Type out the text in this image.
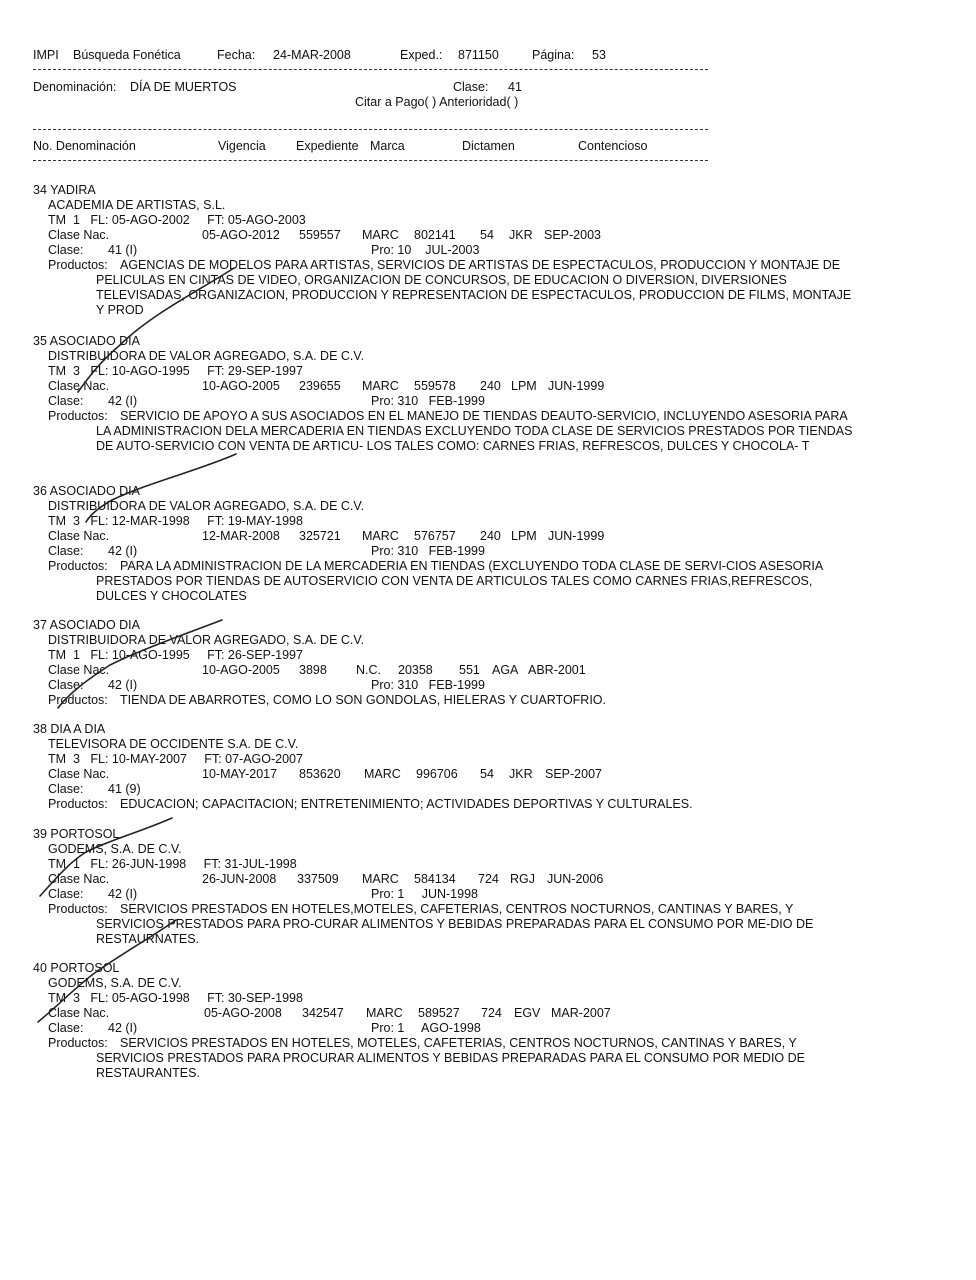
IMPI Búsqueda Fonética	Fecha: 24-MAR-2008	Exped.: 871150	Página: 53
Denominación: DÍA DE MUERTOS	Clase: 41
Citar a Pago( ) Anterioridad( )
No. Denominación	Vigencia Expediente Marca	Dictamen	Contencioso
34 YADIRA
ACADEMIA DE ARTISTAS, S.L.
TM  1   FL: 05-AGO-2002     FT: 05-AGO-2003
Clase Nac.	05-AGO-2012 559557 MARC 802141 54 JKR SEP-2003
Clase: 41 (I)	Pro: 10    JUL-2003
Productos: AGENCIAS DE MODELOS PARA ARTISTAS, SERVICIOS DE ARTISTAS DE ESPECTACULOS, PRODUCCION Y MONTAJE DE PELICULAS EN CINTAS DE VIDEO, ORGANIZACION DE CONCURSOS, DE EDUCACION O DIVERSION, DIVERSIONES TELEVISADAS, ORGANIZACION, PRODUCCION Y REPRESENTACION DE ESPECTACULOS, PRODUCCION DE FILMS, MONTAJE Y PROD
35 ASOCIADO DIA
DISTRIBUIDORA DE VALOR AGREGADO, S.A. DE C.V.
TM  3   FL: 10-AGO-1995     FT: 29-SEP-1997
Clase Nac.	10-AGO-2005 239655 MARC 559578 240 LPM JUN-1999
Clase: 42 (I)	Pro: 310   FEB-1999
Productos: SERVICIO DE APOYO A SUS ASOCIADOS EN EL MANEJO DE TIENDAS DEAUTO-SERVICIO, INCLUYENDO ASESORIA PARA LA ADMINISTRACION DELA MERCADERIA EN TIENDAS EXCLUYENDO TODA CLASE DE SERVICIOS PRESTADOS POR TIENDAS DE AUTO-SERVICIO CON VENTA DE ARTICU- LOS TALES COMO: CARNES FRIAS, REFRESCOS, DULCES Y CHOCOLA- T
36 ASOCIADO DIA
DISTRIBUIDORA DE VALOR AGREGADO, S.A. DE C.V.
TM  3   FL: 12-MAR-1998     FT: 19-MAY-1998
Clase Nac.	12-MAR-2008 325721 MARC 576757 240 LPM JUN-1999
Clase: 42 (I)	Pro: 310   FEB-1999
Productos: PARA LA ADMINISTRACION DE LA MERCADERIA EN TIENDAS (EXCLUYENDO TODA CLASE DE SERVI-CIOS ASESORIA PRESTADOS POR TIENDAS DE AUTOSERVICIO CON VENTA DE ARTICULOS TALES COMO CARNES FRIAS,REFRESCOS, DULCES Y CHOCOLATES
37 ASOCIADO DIA
DISTRIBUIDORA DE VALOR AGREGADO, S.A. DE C.V.
TM  1   FL: 10-AGO-1995     FT: 26-SEP-1997
Clase Nac.	10-AGO-2005 3898 N.C. 20358 551 AGA ABR-2001
Clase: 42 (I)	Pro: 310   FEB-1999
Productos: TIENDA DE ABARROTES, COMO LO SON GONDOLAS, HIELERAS Y CUARTOFRIO.
38 DIA A DIA
TELEVISORA DE OCCIDENTE S.A. DE C.V.
TM  3   FL: 10-MAY-2007     FT: 07-AGO-2007
Clase Nac.	10-MAY-2017 853620 MARC 996706 54 JKR SEP-2007
Clase: 41 (9)
Productos: EDUCACION; CAPACITACION; ENTRETENIMIENTO; ACTIVIDADES DEPORTIVAS Y CULTURALES.
39 PORTOSOL
GODEMS, S.A. DE C.V.
TM  1   FL: 26-JUN-1998     FT: 31-JUL-1998
Clase Nac.	26-JUN-2008 337509 MARC 584134 724 RGJ JUN-2006
Clase: 42 (I)	Pro: 1     JUN-1998
Productos: SERVICIOS PRESTADOS EN HOTELES,MOTELES, CAFETERIAS, CENTROS NOCTURNOS, CANTINAS Y BARES, Y SERVICIOS PRESTADOS PARA PRO-CURAR ALIMENTOS Y BEBIDAS PREPARADAS PARA EL CONSUMO POR ME-DIO DE RESTAURNATES.
40 PORTOSOL
GODEMS, S.A. DE C.V.
TM  3   FL: 05-AGO-1998     FT: 30-SEP-1998
Clase Nac.	05-AGO-2008 342547 MARC 589527 724 EGV MAR-2007
Clase: 42 (I)	Pro: 1     AGO-1998
Productos: SERVICIOS PRESTADOS EN HOTELES, MOTELES, CAFETERIAS, CENTROS NOCTURNOS, CANTINAS Y BARES, Y SERVICIOS PRESTADOS PARA PROCURAR ALIMENTOS Y BEBIDAS PREPARADAS PARA EL CONSUMO POR MEDIO DE RESTAURANTES.
